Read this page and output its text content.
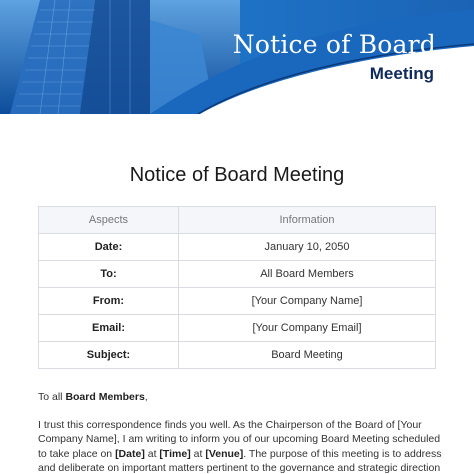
Notice of Board
Meeting
Notice of Board Meeting
Aspects	Information
Date:	January 10, 2050
To:	All Board Members
From:	[Your Company Name]
Email:	[Your Company Email]
Subject:	Board Meeting
To all Board Members,
I trust this correspondence finds you well. As the Chairperson of the Board of [Your
Company Name], I am writing to inform you of our upcoming Board Meeting scheduled
to take place on [Date] at [Time] at [Venue]. The purpose of this meeting is to address
and deliberate on important matters pertinent to the governance and strategic direction
